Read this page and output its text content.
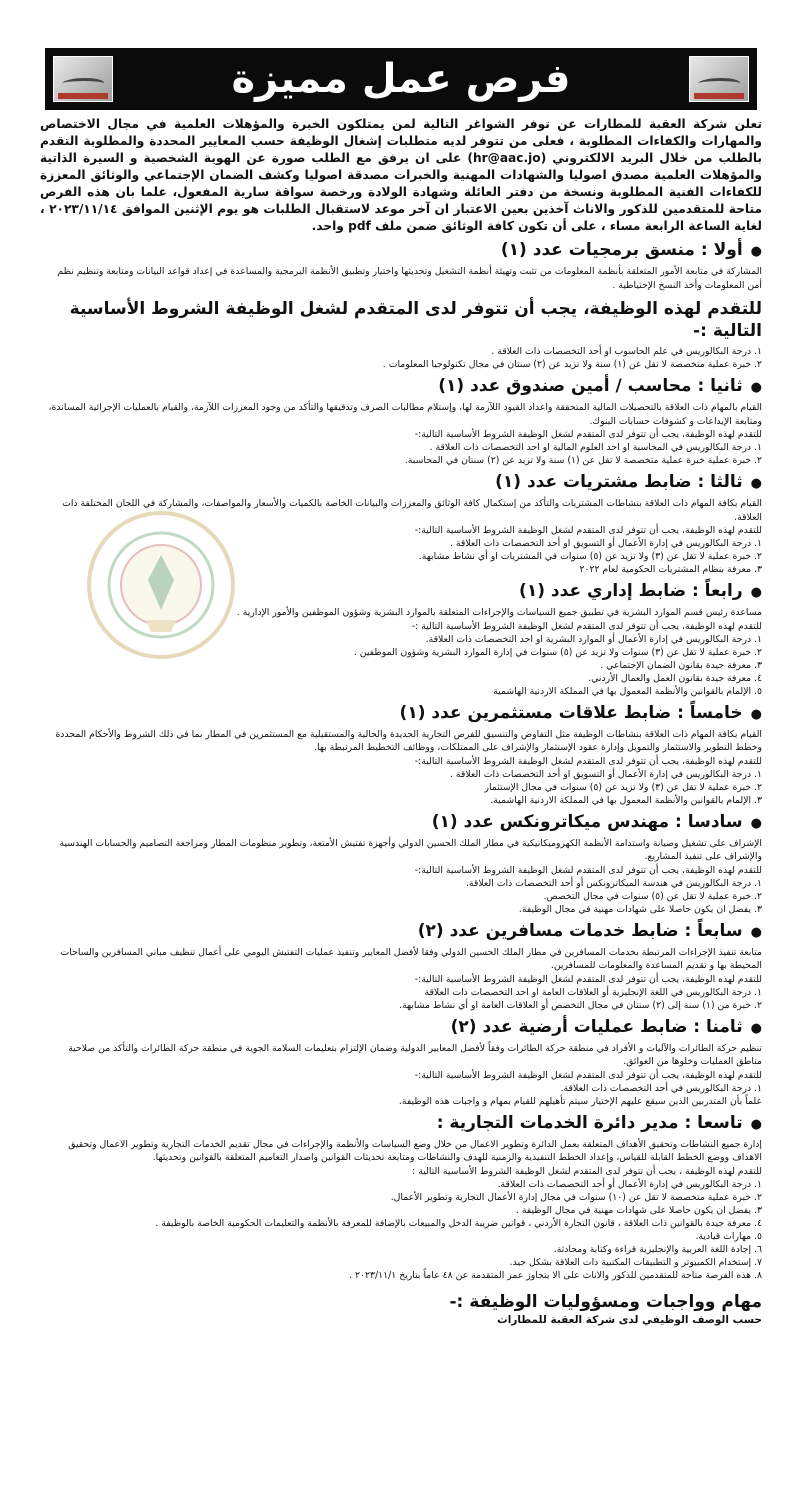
فرص عمل مميزة

تعلن شركة العقبة للمطارات عن توفر الشواغر التالية لمن يمتلكون الخبرة والمؤهلات العلمية في مجال الاختصاص والمهارات والكفاءات المطلوبة ، فعلى من تتوفر لديه متطلبات إشغال الوظيفة حسب المعايير المحددة والمطلوبة التقدم بالطلب من خلال البريد الالكتروني (hr@aac.jo) على ان يرفق مع الطلب صورة عن الهوية الشخصية و السيرة الذاتية والمؤهلات العلمية مصدق اصوليا والشهادات المهنية والخبرات مصدقة اصوليا وكشف الضمان الإجتماعي والوثائق المعززة للكفاءات الفنية المطلوبة ونسخة من دفتر العائلة وشهادة الولادة ورخصة سواقة سارية المفعول، علما بان هذه الفرص متاحة للمتقدمين للذكور والاناث آخذين بعين الاعتبار ان آخر موعد لاستقبال الطلبات هو يوم الإثنين الموافق ٢٠٢٣/١١/١٤ ، لغاية الساعة الرابعة مساء ، على أن تكون كافة الوثائق ضمن ملف pdf واحد.

●أولا : منسق برمجيات عدد (١)

المشاركة في متابعة الأمور المتعلقة بأنظمة المعلومات من تثبت وتهيئة أنظمة التشغيل وتحديثها واختيار وتطبيق الأنظمة البرمجية والمساعدة في إعداد قواعد البيانات ومتابعة وتنظيم نظم أمن المعلومات وأخذ النسخ الإحتياطية .

للتقدم لهذه الوظيفة، يجب أن تتوفر لدى المتقدم لشغل الوظيفة الشروط الأساسية التالية :-
١. درجة البكالوريس في علم الحاسوب او أحد التخصصات ذات العلاقة .
٢. خبرة عملية متخصصة لا تقل عن (١) سنة ولا تزيد عن (٢) سنتان في مجال تكنولوجيا المعلومات .
●ثانيا : محاسب / أمين صندوق عدد (١)

القيام بالمهام ذات العلاقة بالتحصيلات المالية المتحققة واعداد القيود اللآزمة لها، وإستلام مطالبات الصرف وتدقيقها والتأكد من وجود المعززات اللآزمة، والقيام بالعمليات الإجرائية المساندة، ومتابعة الإيداعات و كشوفات حسابات البنوك.

للتقدم لهذه الوظيفة، يجب أن تتوفر لدى المتقدم لشغل الوظيفة الشروط الأساسية التالية:-

١. درجة البكالوريس في المحاسبة او احد العلوم المالية او احد التخصصات ذات العلاقة .
٢. خبرة عملية خبرة عملية متخصصة لا تقل عن (١) سنة ولا تزيد عن (٢) سنتان في المحاسبة.
●ثالثا : ضابط مشتريات عدد (١)

القيام بكافة المهام ذات العلاقة بنشاطات المشتريات والتأكد من إستكمال كافة الوثائق والمعززات والبيانات الخاصة بالكميات والأسعار والمواصفات، والمشاركة في اللجان المختلفة ذات العلاقة.

للتقدم لهذه الوظيفة، يجب أن تتوفر لدى المتقدم لشغل الوظيفة الشروط الأساسية التالية:-

١. درجة البكالوريس في إدارة الأعمال أو التسويق او أحد التخصصات ذات العلاقة .
٢. خبرة عملية لا تقل عن (٣) ولا تزيد عن (٥) سنوات في المشتريات او أي نشاط مشابهة.
٣. معرفة بنظام المشتريات الحكومية لعام ٢٠٢٢
●رابعاً : ضابط إداري عدد (١)

مساعدة رئيس قسم الموارد البشرية في تطبيق جميع السياسات والإجراءات المتعلقة بالموارد البشرية وشؤون الموظفين والأمور الإدارية .

للتقدم لهذه الوظيفة، يجب أن تتوفر لدى المتقدم لشغل الوظيفة الشروط الأساسية التالية :-

١. درجة البكالوريس في إدارة الأعمال أو الموارد البشرية او احد التخصصات ذات العلاقة.
٢. خبرة عملية لا تقل عن (٣) سنوات ولا تزيد عن (٥) سنوات في إدارة الموارد البشرية وشؤون الموظفين .
٣. معرفة جيدة بقانون الضمان الإجتماعي .
٤. معرفة جيدة بقانون العمل والعمال الأردني.
٥. الإلمام بالقوانين والأنظمة المعمول بها في المملكة الاردنية الهاشمية
●خامساً : ضابط علاقات مستثمرين عدد (١)

القيام بكافة المهام ذات العلاقة بنشاطات الوظيفة مثل التفاوض والتنسيق للفرص التجارية الجديدة والحالية والمستقبلية مع المستثمرين في المطار بما في ذلك الشروط والأحكام المحددة وخطط التطوير والاستثمار والتمويل وإدارة عقود الإستثمار والإشراف على الممتلكات، ووظائف التخطيط المرتبطة بها.

للتقدم لهذه الوظيفة، يجب أن تتوفر لدى المتقدم لشغل الوظيفة الشروط الأساسية التالية:-

١. درجة البكالوريس في إدارة الأعمال أو التسويق او أحد التخصصات ذات العلاقة .
٢. خبرة عملية لا تقل عن (٣) ولا تزيد عن (٥) سنوات في مجال الإستثمار
٣. الإلمام بالقوانين والأنظمة المعمول بها في المملكة الاردنية الهاشمية.
●سادسا : مهندس ميكاترونكس عدد (١)

الإشراف على تشغيل وصيانة واستدامة الأنظمة الكهروميكانيكية في مطار الملك الحسين الدولي وأجهزة تفتيش الأمتعة، وتطوير منظومات المطار ومراجعة التصاميم والحسابات الهندسية والإشراف على تنفيذ المشاريع.

للتقدم لهذه الوظيفة، يجب أن تتوفر لدى المتقدم لشغل الوظيفة الشروط الأساسية التالية:-

١. درجة البكالوريس في هندسة الميكاترونكس أو أحد التخصصات ذات العلاقة.
٢. خبرة عملية لا تقل عن (٥) سنوات في مجال التخصص.
٣. يفضل ان يكون حاصلا على شهادات مهنية في مجال الوظيفة.
●سابعاً : ضابط خدمات مسافرين عدد (٢)

متابعة تنفيذ الإجراءات المرتبطة بخدمات المسافرين في مطار الملك الحسين الدولي وفقا لأفضل المعايير وتنفيذ عمليات التفتيش اليومي على أعمال تنظيف مباني المسافرين والساحات المحيطة بها و تقديم المساعدة والمعلومات للمسافرين.

للتقدم لهذه الوظيفة، يجب أن تتوفر لدى المتقدم لشغل الوظيفة الشروط الأساسية التالية:-

١. درجة البكالوريس في اللغة الإنجليزية أو العلاقات العامة او احد التخصصات ذات العلاقة
٢. خبرة من (١) سنة إلى (٢) سنتان في مجال التخصص أو العلاقات العامة او أي نشاط مشابهة.
●ثامنا : ضابط عمليات أرضية عدد (٢)

تنظيم حركة الطائرات والآليات و الأفراد في منطقة حركة الطائرات وفقاً لأفضل المعايير الدولية وضمان الإلتزام بتعليمات السلامة الجوية في منطقة حركة الطائرات والتأكد من صلاحية مناطق العمليات وخلوها من العوائق.

للتقدم لهذه الوظيفة، يجب أن تتوفر لدى المتقدم لشغل الوظيفة الشروط الأساسية التالية:-

١. درجة البكالوريس في أحد التخصصات ذات العلاقة.
علماً بأن المتدربين الذين سيقع عليهم الإختيار سيتم تأهيلهم للقيام بمهام و واجبات هذه الوظيفة.
●تاسعا : مدير دائرة الخدمات التجارية :

إدارة جميع النشاطات وتحقيق الأهداف المتعلقة بعمل الدائرة وتطوير الاعمال من خلال وضع السياسات والأنظمة والإجراءات في مجال تقديم الخدمات التجارية وتطوير الاعمال وتحقيق الاهداف ووضع الخطط القابلة للقياس، وإعداد الخطط التنفيذية والزمنية للهدف والنشاطات ومتابعة تحديثات القوانين واصدار التعاميم المتعلقة بالقوانين وتحديثها.

للتقدم لهذه الوظيفة ، يجب أن تتوفر لدى المتقدم لشغل الوظيفة الشروط الأساسية التالية :

١. درجة البكالوريس في إدارة الأعمال أو أحد التخصصات ذات العلاقة.
٢. خبرة عملية متخصصة لا تقل عن (١٠) سنوات في مجال إدارة الأعمال التجارية وتطوير الأعمال.
٣. يفضل ان يكون حاصلا على شهادات مهنية في مجال الوظيفة .
٤. معرفة جيدة بالقوانين ذات العلاقة ، قانون التجارة الأردني ، قوانين ضريبة الدخل والمبيعات بالإضافة للمعرفة بالأنظمة والتعليمات الحكومية الخاصة بالوظيفة .
٥. مهارات قيادية.
٦. إجادة اللغة العربية والإنجليزية قراءة وكتابة ومحادثة.
٧. إستخدام الكمبيوتر و التطبيقات المكتبية ذات العلاقة بشكل جيد.
٨. هذه الفرصة متاحة للمتقدمين للذكور والاناث على الا يتجاوز عمر المتقدمة عن ٤٨ عاماً بتاريخ ٢٠٢٣/١١/١ .
مهام وواجبات ومسؤوليات الوظيفة :-

حسب الوصف الوظيفي لدى شركة العقبة للمطارات
